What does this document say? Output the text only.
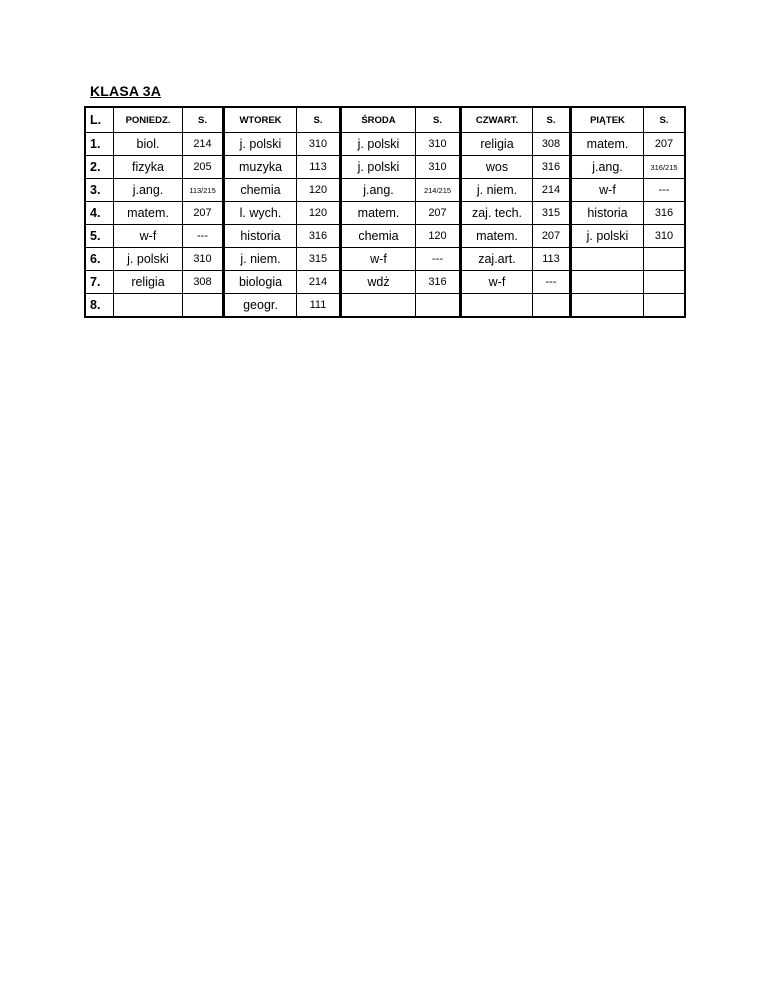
KLASA 3A
L.	PONIEDZ.	S.	WTOREK	S.	ŚRODA	S.	CZWART.	S.	PIĄTEK	S.
1.	biol.	214	j. polski	310	j. polski	310	religia	308	matem.	207
2.	fizyka	205	muzyka	113	j. polski	310	wos	316	j.ang.	316/215
3.	j.ang.	113/215	chemia	120	j.ang.	214/215	j. niem.	214	w-f	---
4.	matem.	207	l. wych.	120	matem.	207	zaj. tech.	315	historia	316
5.	w-f	---	historia	316	chemia	120	matem.	207	j. polski	310
6.	j. polski	310	j. niem.	315	w-f	---	zaj.art.	113		
7.	religia	308	biologia	214	wdż	316	w-f	---		
8.			geogr.	111						
